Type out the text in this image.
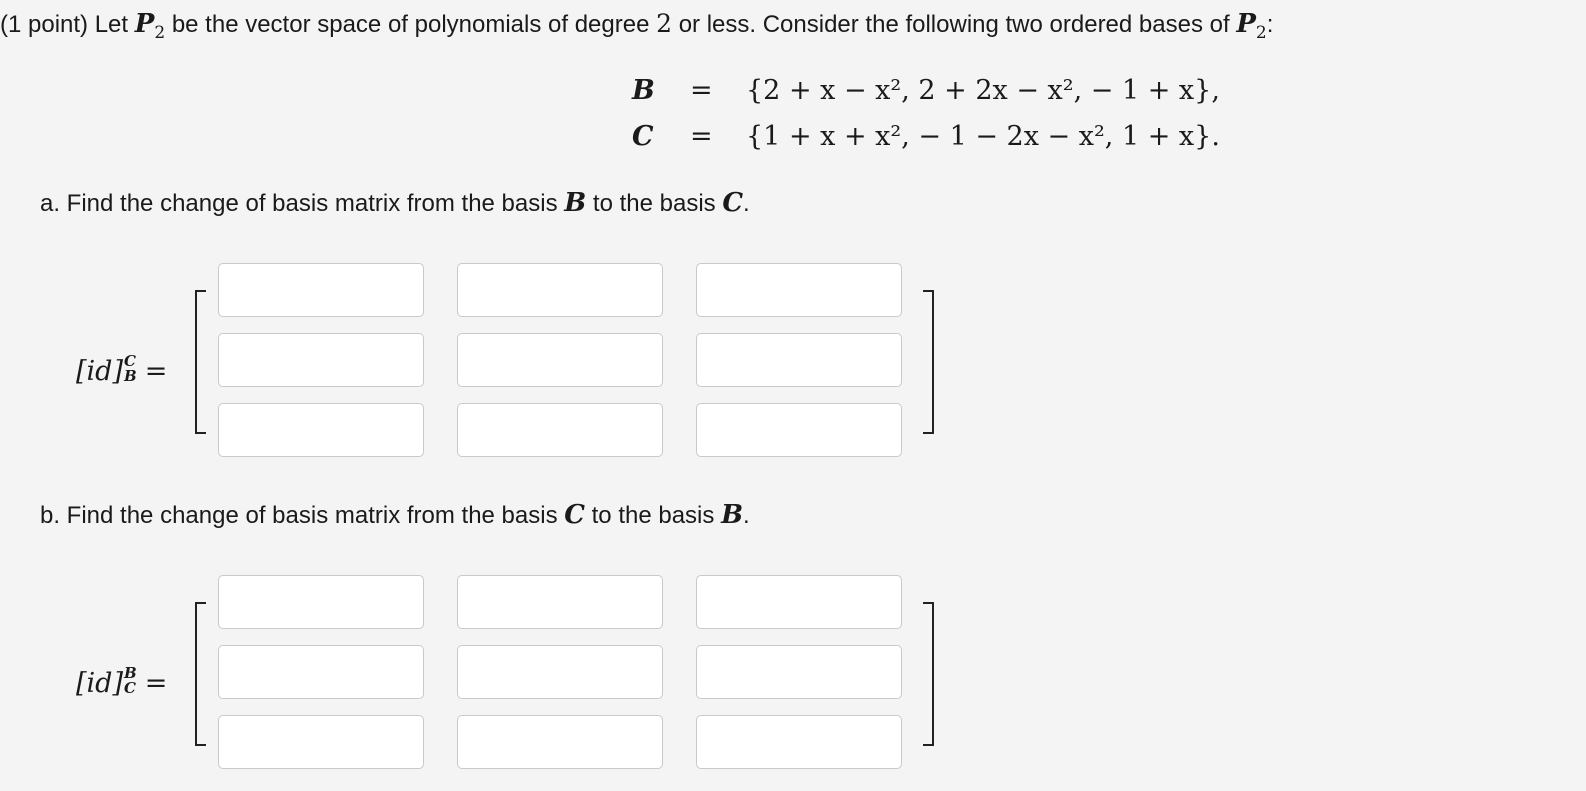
(1 point) Let $P_2$ be the vector space of polynomials of degree 2 or less. Consider the following two ordered bases of $P_2$:
B = {2 + x − x², 2 + 2x − x², − 1 + x},
C = {1 + x + x², − 1 − 2x − x², 1 + x}.
a. Find the change of basis matrix from the basis B to the basis C.
[id] C
B =
b. Find the change of basis matrix from the basis C to the basis B.
[id] B
C =
